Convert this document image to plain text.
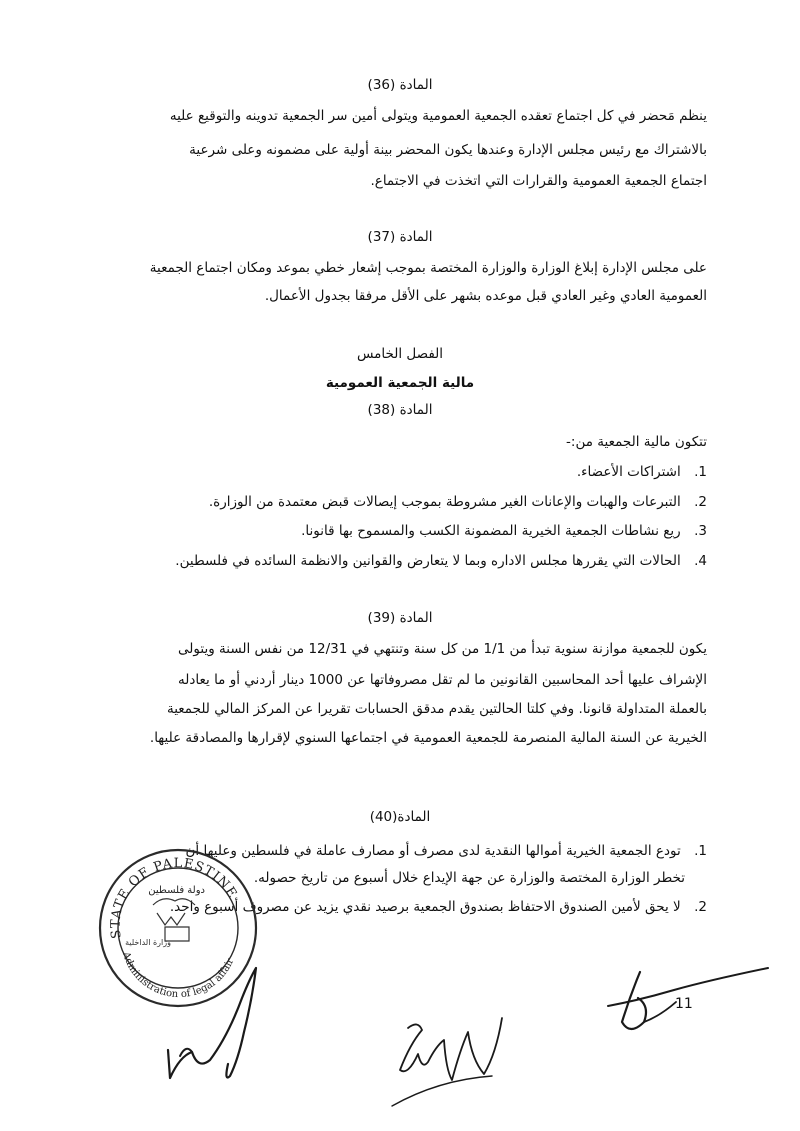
المادة (36)
ينظم مَحضر في كل اجتماع تعقده الجمعية العمومية ويتولى أمين سر الجمعية تدوينه والتوقيع عليه
بالاشتراك مع رئيس مجلس الإدارة وعندها يكون المحضر بينة أولية على مضمونه وعلى شرعية
اجتماع الجمعية العمومية والقرارات التي اتخذت في الاجتماع.
المادة (37)
على مجلس الإدارة إبلاغ الوزارة والوزارة المختصة بموجب إشعار خطي بموعد ومكان اجتماع الجمعية
العمومية العادي وغير العادي قبل موعده بشهر على الأقل مرفقا بجدول الأعمال.
الفصل الخامس
مالية الجمعية العمومية
المادة (38)
تتكون مالية الجمعية من:-
1. اشتراكات الأعضاء.
2. التبرعات والهبات والإعانات الغير مشروطة بموجب إيصالات قبض معتمدة من الوزارة.
3. ريع نشاطات الجمعية الخيرية المضمونة الكسب والمسموح بها قانونا.
4. الحالات التي يقررها مجلس الاداره وبما لا يتعارض والقوانين والانظمة السائده في فلسطين.
المادة (39)
يكون للجمعية موازنة سنوية تبدأ من 1/1 من كل سنة وتنتهي في 12/31 من نفس السنة ويتولى
الإشراف عليها أحد المحاسبين القانونين ما لم تقل مصروفاتها عن 1000 دينار أردني أو ما يعادله
بالعملة المتداولة قانونا. وفي كلتا الحالتين يقدم مدقق الحسابات تقريرا عن المركز المالي للجمعية
الخيرية عن السنة المالية المنصرمة للجمعية العمومية في اجتماعها السنوي لإقرارها والمصادقة عليها.
المادة(40)
1. تودع الجمعية الخيرية أموالها النقدية لدى مصرف أو مصارف عاملة في فلسطين وعليها أن
تخطر الوزارة المختصة والوزارة عن جهة الإيداع خلال أسبوع من تاريخ حصوله.
2. لا يحق لأمين الصندوق الاحتفاظ بصندوق الجمعية برصيد نقدي يزيد عن مصروف أسبوع واحد.
STATE OF PALESTINE
Administration of legal affairs
دولة فلسطين
وزارة الداخلية
11
